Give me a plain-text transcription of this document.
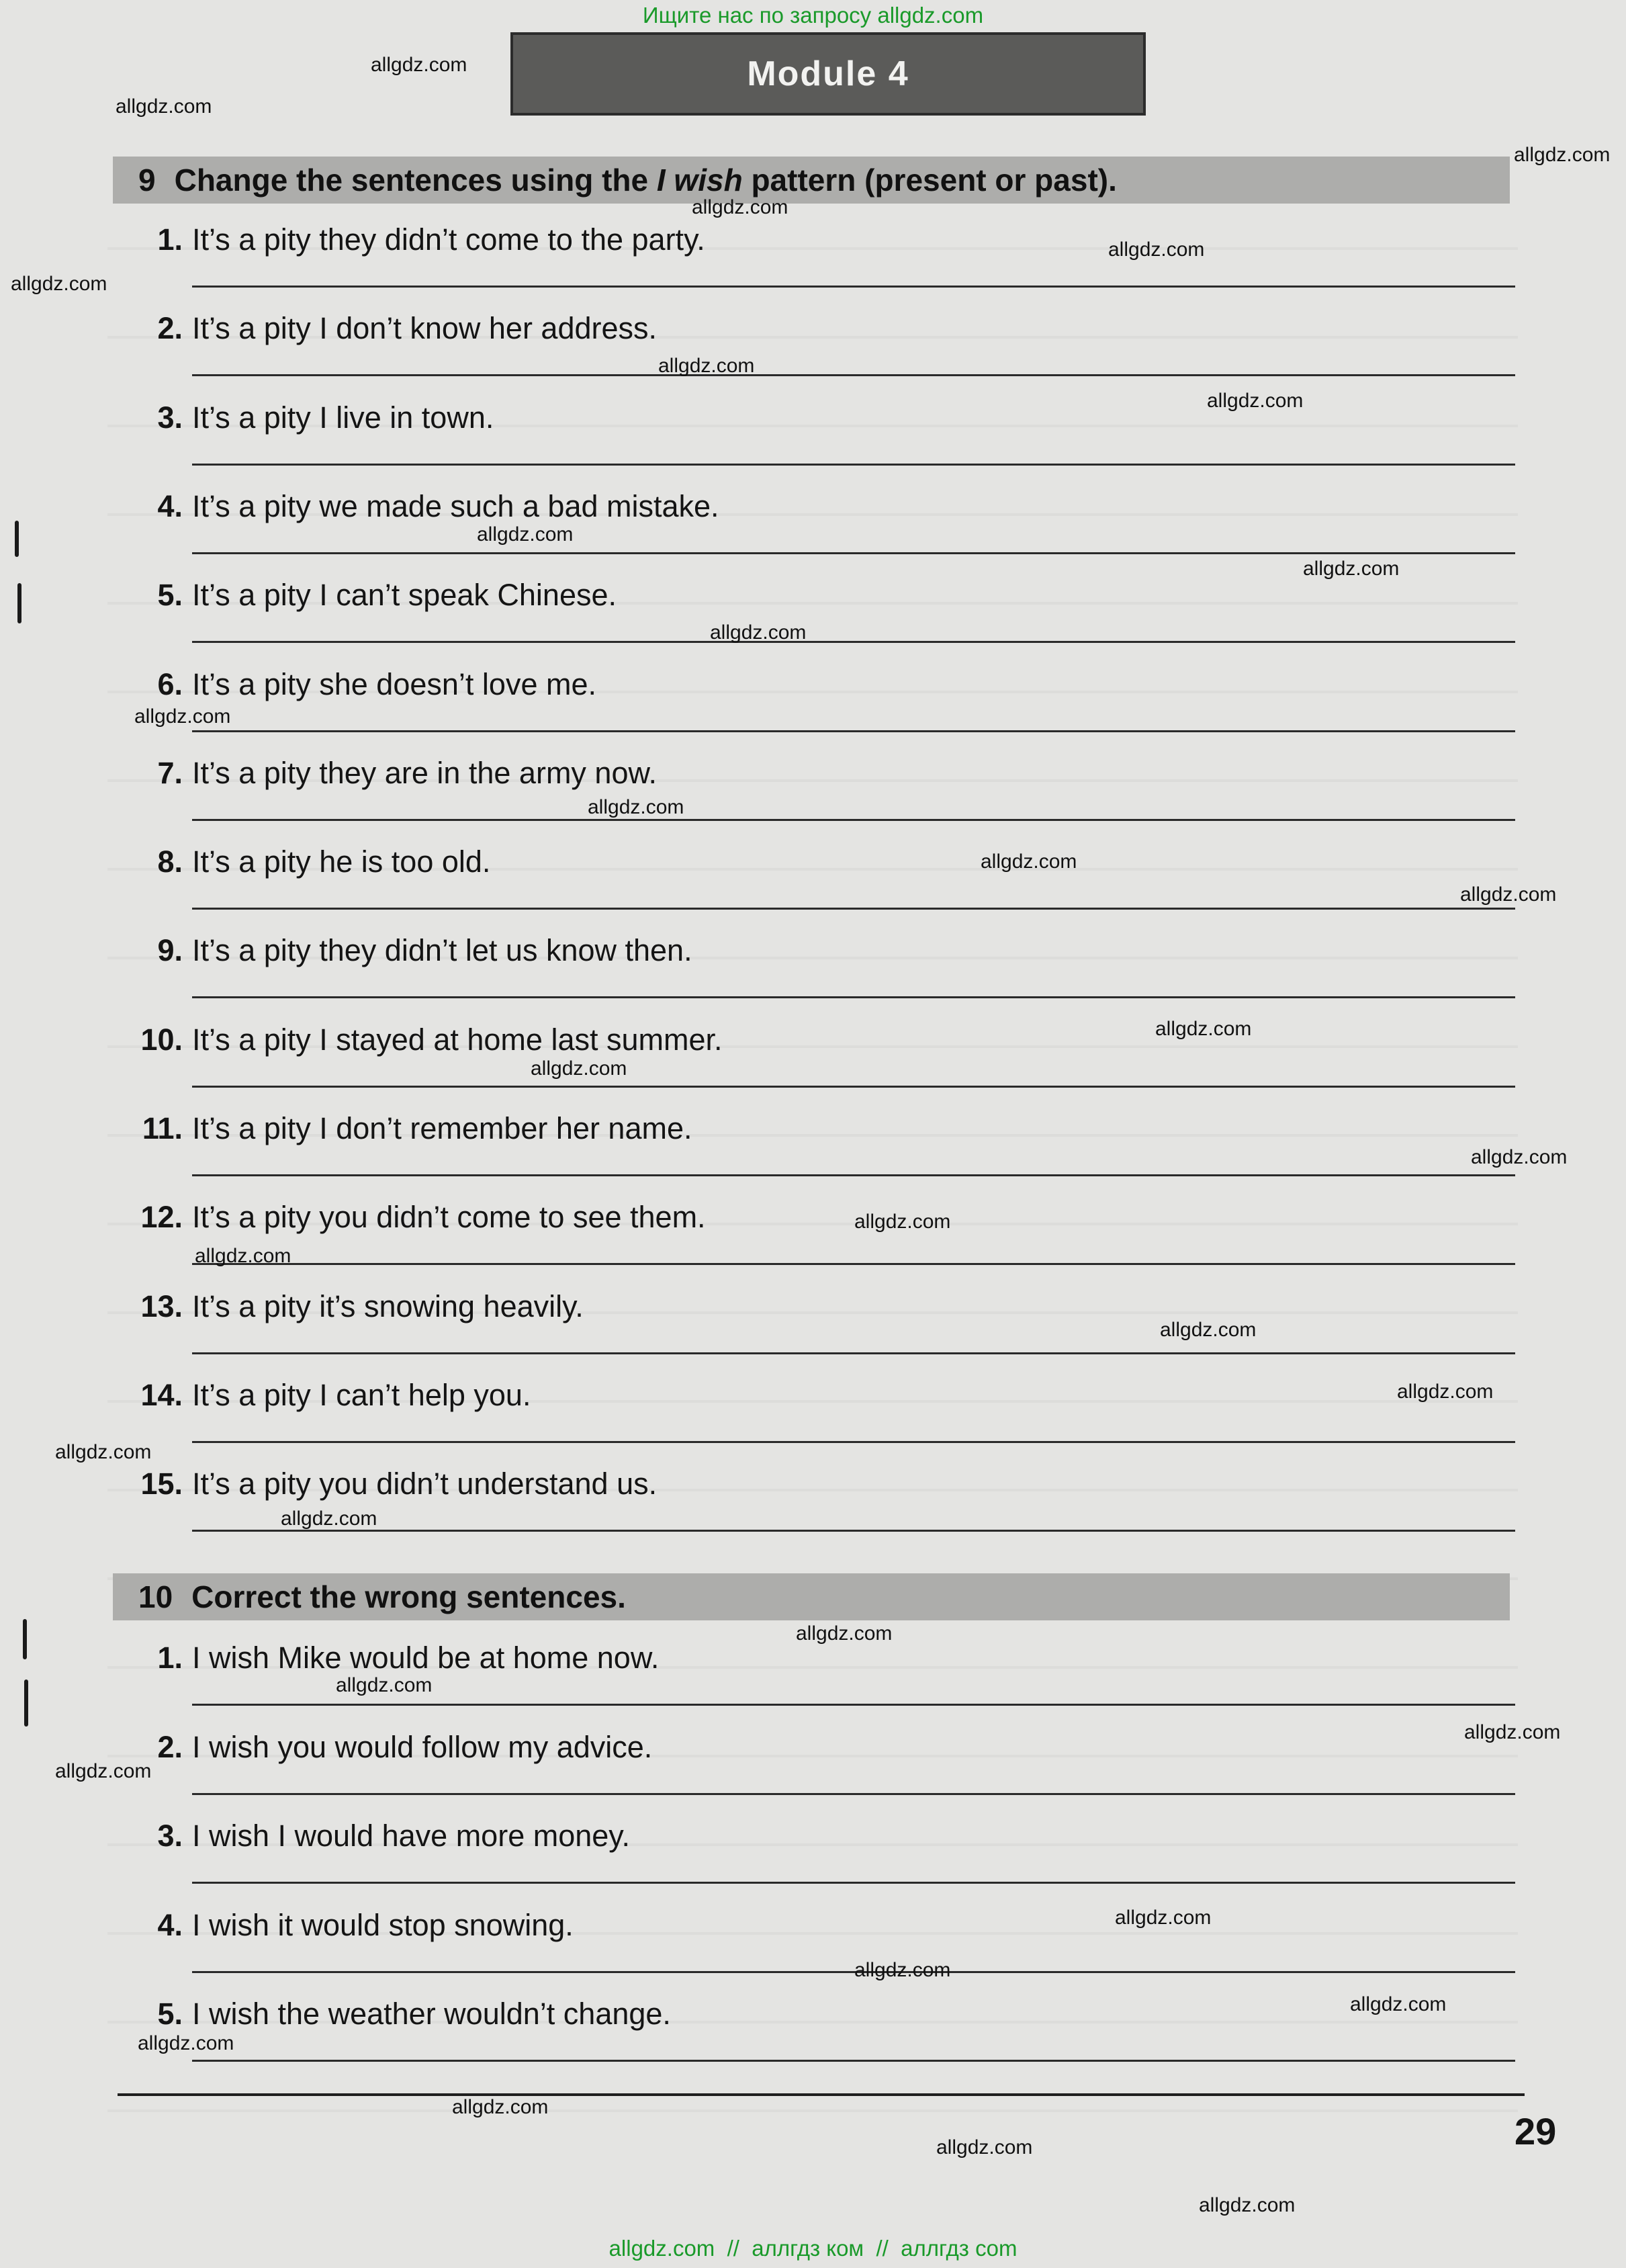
Ищите нас по запросу allgdz.com
Module 4
9 Change the sentences using the I wish pattern (present or past).
1. It’s a pity they didn’t come to the party.
2. It’s a pity I don’t know her address.
3. It’s a pity I live in town.
4. It’s a pity we made such a bad mistake.
5. It’s a pity I can’t speak Chinese.
6. It’s a pity she doesn’t love me.
7. It’s a pity they are in the army now.
8. It’s a pity he is too old.
9. It’s a pity they didn’t let us know then.
10. It’s a pity I stayed at home last summer.
11. It’s a pity I don’t remember her name.
12. It’s a pity you didn’t come to see them.
13. It’s a pity it’s snowing heavily.
14. It’s a pity I can’t help you.
15. It’s a pity you didn’t understand us.
10 Correct the wrong sentences.
1. I wish Mike would be at home now.
2. I wish you would follow my advice.
3. I wish I would have more money.
4. I wish it would stop snowing.
5. I wish the weather wouldn’t change.
29
allgdz.com
allgdz.com
allgdz.com
allgdz.com
allgdz.com
allgdz.com
allgdz.com
allgdz.com
allgdz.com
allgdz.com
allgdz.com
allgdz.com
allgdz.com
allgdz.com
allgdz.com
allgdz.com
allgdz.com
allgdz.com
allgdz.com
allgdz.com
allgdz.com
allgdz.com
allgdz.com
allgdz.com
allgdz.com
allgdz.com
allgdz.com
allgdz.com
allgdz.com
allgdz.com
allgdz.com
allgdz.com
allgdz.com
allgdz.com
allgdz.com
allgdz.com  //  аллгдз ком  //  аллгдз com
